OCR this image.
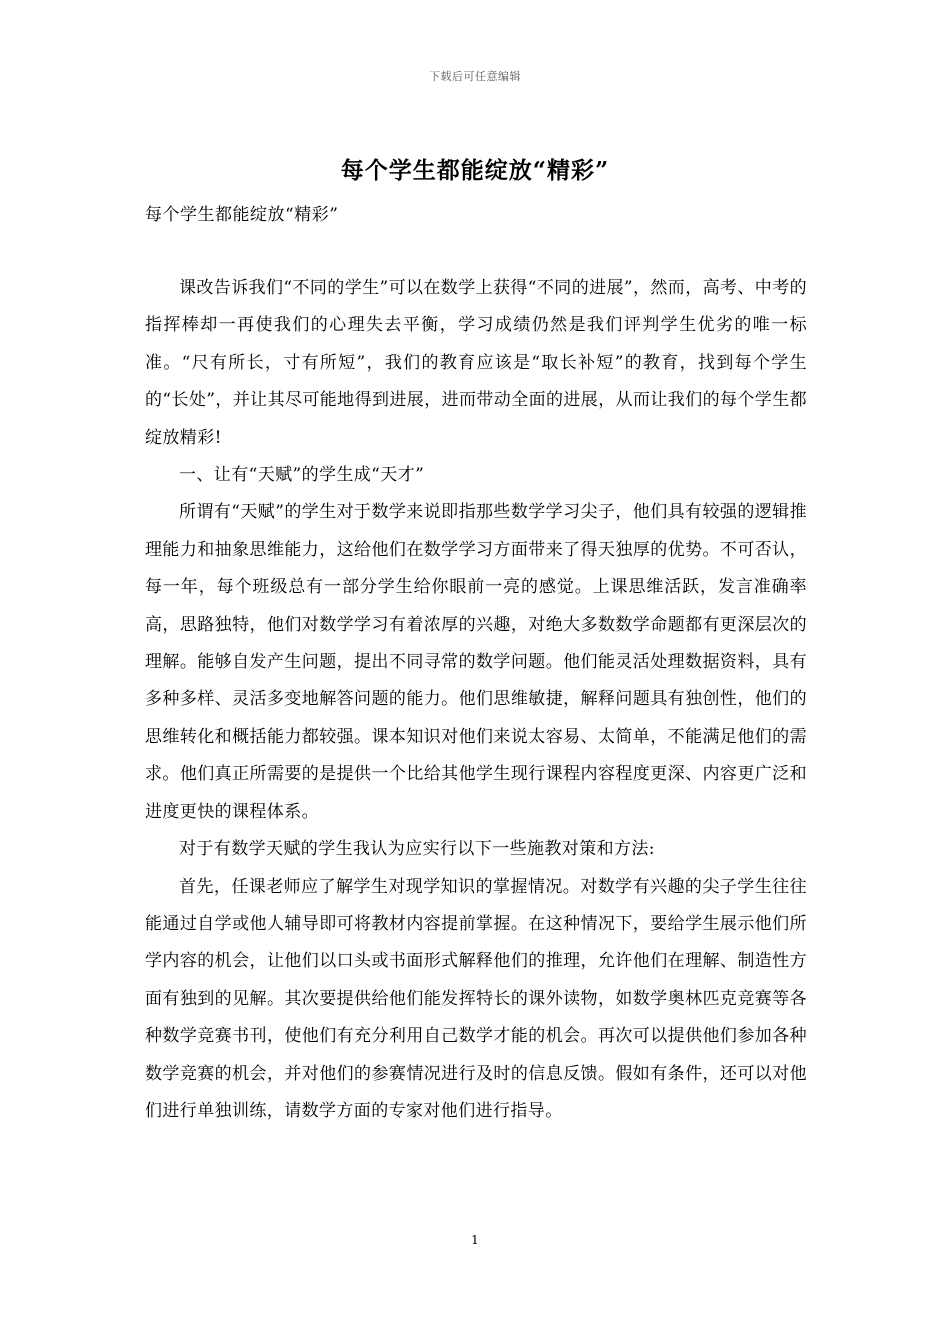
下载后可任意编辑
每个学生都能绽放“精彩”
每个学生都能绽放“精彩”

课改告诉我们“不同的学生”可以在数学上获得“不同的进展”，然而，高考、中考的指挥棒却一再使我们的心理失去平衡，学习成绩仍然是我们评判学生优劣的唯一标准。“尺有所长，寸有所短”，我们的教育应该是“取长补短”的教育，找到每个学生的“长处”，并让其尽可能地得到进展，进而带动全面的进展，从而让我们的每个学生都绽放精彩!

一、让有“天赋”的学生成“天才”

所谓有“天赋”的学生对于数学来说即指那些数学学习尖子，他们具有较强的逻辑推理能力和抽象思维能力，这给他们在数学学习方面带来了得天独厚的优势。不可否认，每一年，每个班级总有一部分学生给你眼前一亮的感觉。上课思维活跃，发言准确率高，思路独特，他们对数学学习有着浓厚的兴趣，对绝大多数数学命题都有更深层次的理解。能够自发产生问题，提出不同寻常的数学问题。他们能灵活处理数据资料，具有多种多样、灵活多变地解答问题的能力。他们思维敏捷，解释问题具有独创性，他们的思维转化和概括能力都较强。课本知识对他们来说太容易、太简单，不能满足他们的需求。他们真正所需要的是提供一个比给其他学生现行课程内容程度更深、内容更广泛和进度更快的课程体系。

对于有数学天赋的学生我认为应实行以下一些施教对策和方法:

首先，任课老师应了解学生对现学知识的掌握情况。对数学有兴趣的尖子学生往往能通过自学或他人辅导即可将教材内容提前掌握。在这种情况下，要给学生展示他们所学内容的机会，让他们以口头或书面形式解释他们的推理，允许他们在理解、制造性方面有独到的见解。其次要提供给他们能发挥特长的课外读物，如数学奥林匹克竞赛等各种数学竞赛书刊，使他们有充分利用自己数学才能的机会。再次可以提供他们参加各种数学竞赛的机会，并对他们的参赛情况进行及时的信息反馈。假如有条件，还可以对他们进行单独训练，请数学方面的专家对他们进行指导。

1
